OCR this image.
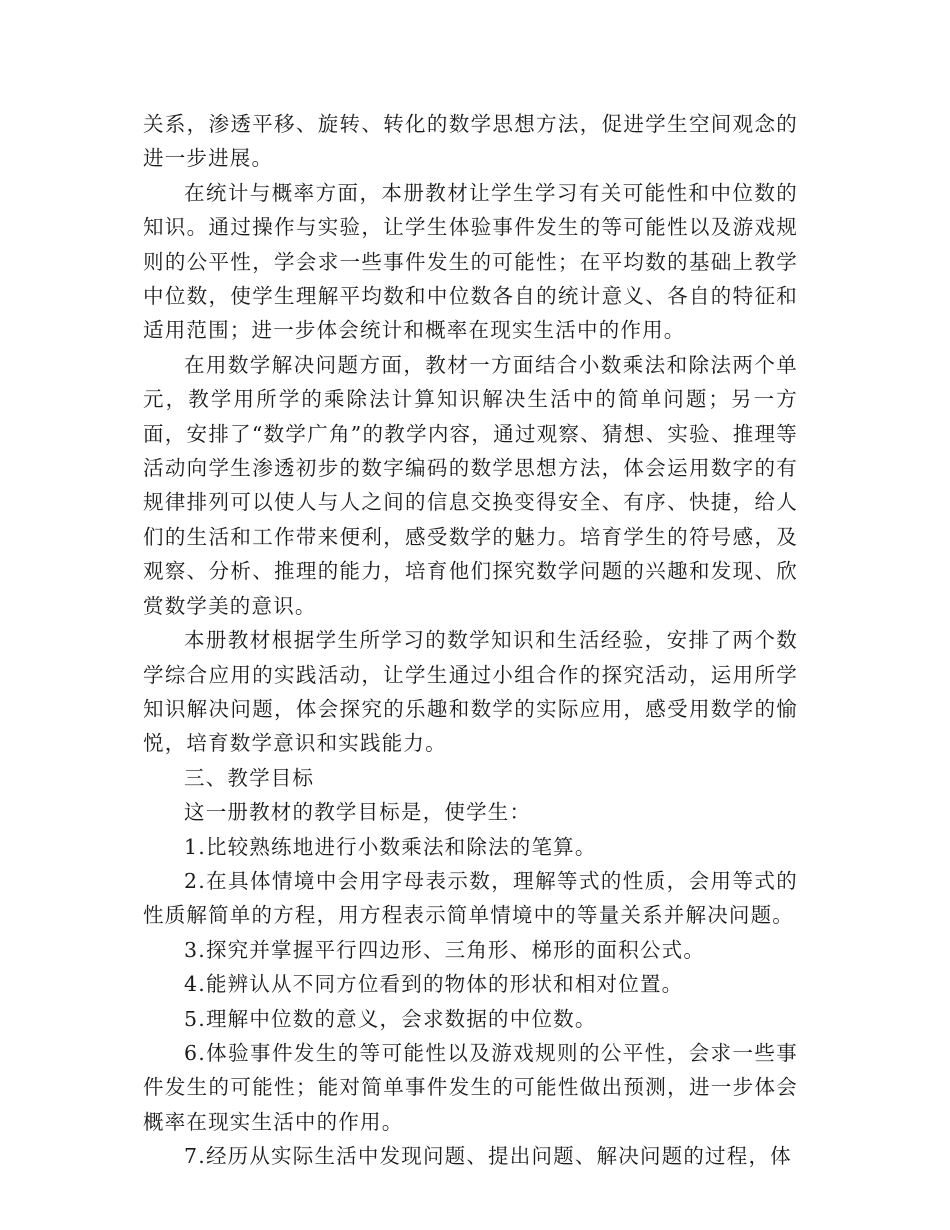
关系，渗透平移、旋转、转化的数学思想方法，促进学生空间观念的进一步进展。

在统计与概率方面，本册教材让学生学习有关可能性和中位数的知识。通过操作与实验，让学生体验事件发生的等可能性以及游戏规则的公平性，学会求一些事件发生的可能性；在平均数的基础上教学中位数，使学生理解平均数和中位数各自的统计意义、各自的特征和适用范围；进一步体会统计和概率在现实生活中的作用。

在用数学解决问题方面，教材一方面结合小数乘法和除法两个单元，教学用所学的乘除法计算知识解决生活中的简单问题；另一方面，安排了“数学广角”的教学内容，通过观察、猜想、实验、推理等活动向学生渗透初步的数字编码的数学思想方法，体会运用数字的有规律排列可以使人与人之间的信息交换变得安全、有序、快捷，给人们的生活和工作带来便利，感受数学的魅力。培育学生的符号感，及观察、分析、推理的能力，培育他们探究数学问题的兴趣和发现、欣赏数学美的意识。

本册教材根据学生所学习的数学知识和生活经验，安排了两个数学综合应用的实践活动，让学生通过小组合作的探究活动，运用所学知识解决问题，体会探究的乐趣和数学的实际应用，感受用数学的愉悦，培育数学意识和实践能力。

三、教学目标

这一册教材的教学目标是，使学生：

1.比较熟练地进行小数乘法和除法的笔算。

2.在具体情境中会用字母表示数，理解等式的性质，会用等式的性质解简单的方程，用方程表示简单情境中的等量关系并解决问题。

3.探究并掌握平行四边形、三角形、梯形的面积公式。

4.能辨认从不同方位看到的物体的形状和相对位置。

5.理解中位数的意义，会求数据的中位数。

6.体验事件发生的等可能性以及游戏规则的公平性，会求一些事件发生的可能性；能对简单事件发生的可能性做出预测，进一步体会概率在现实生活中的作用。

7.经历从实际生活中发现问题、提出问题、解决问题的过程，体
